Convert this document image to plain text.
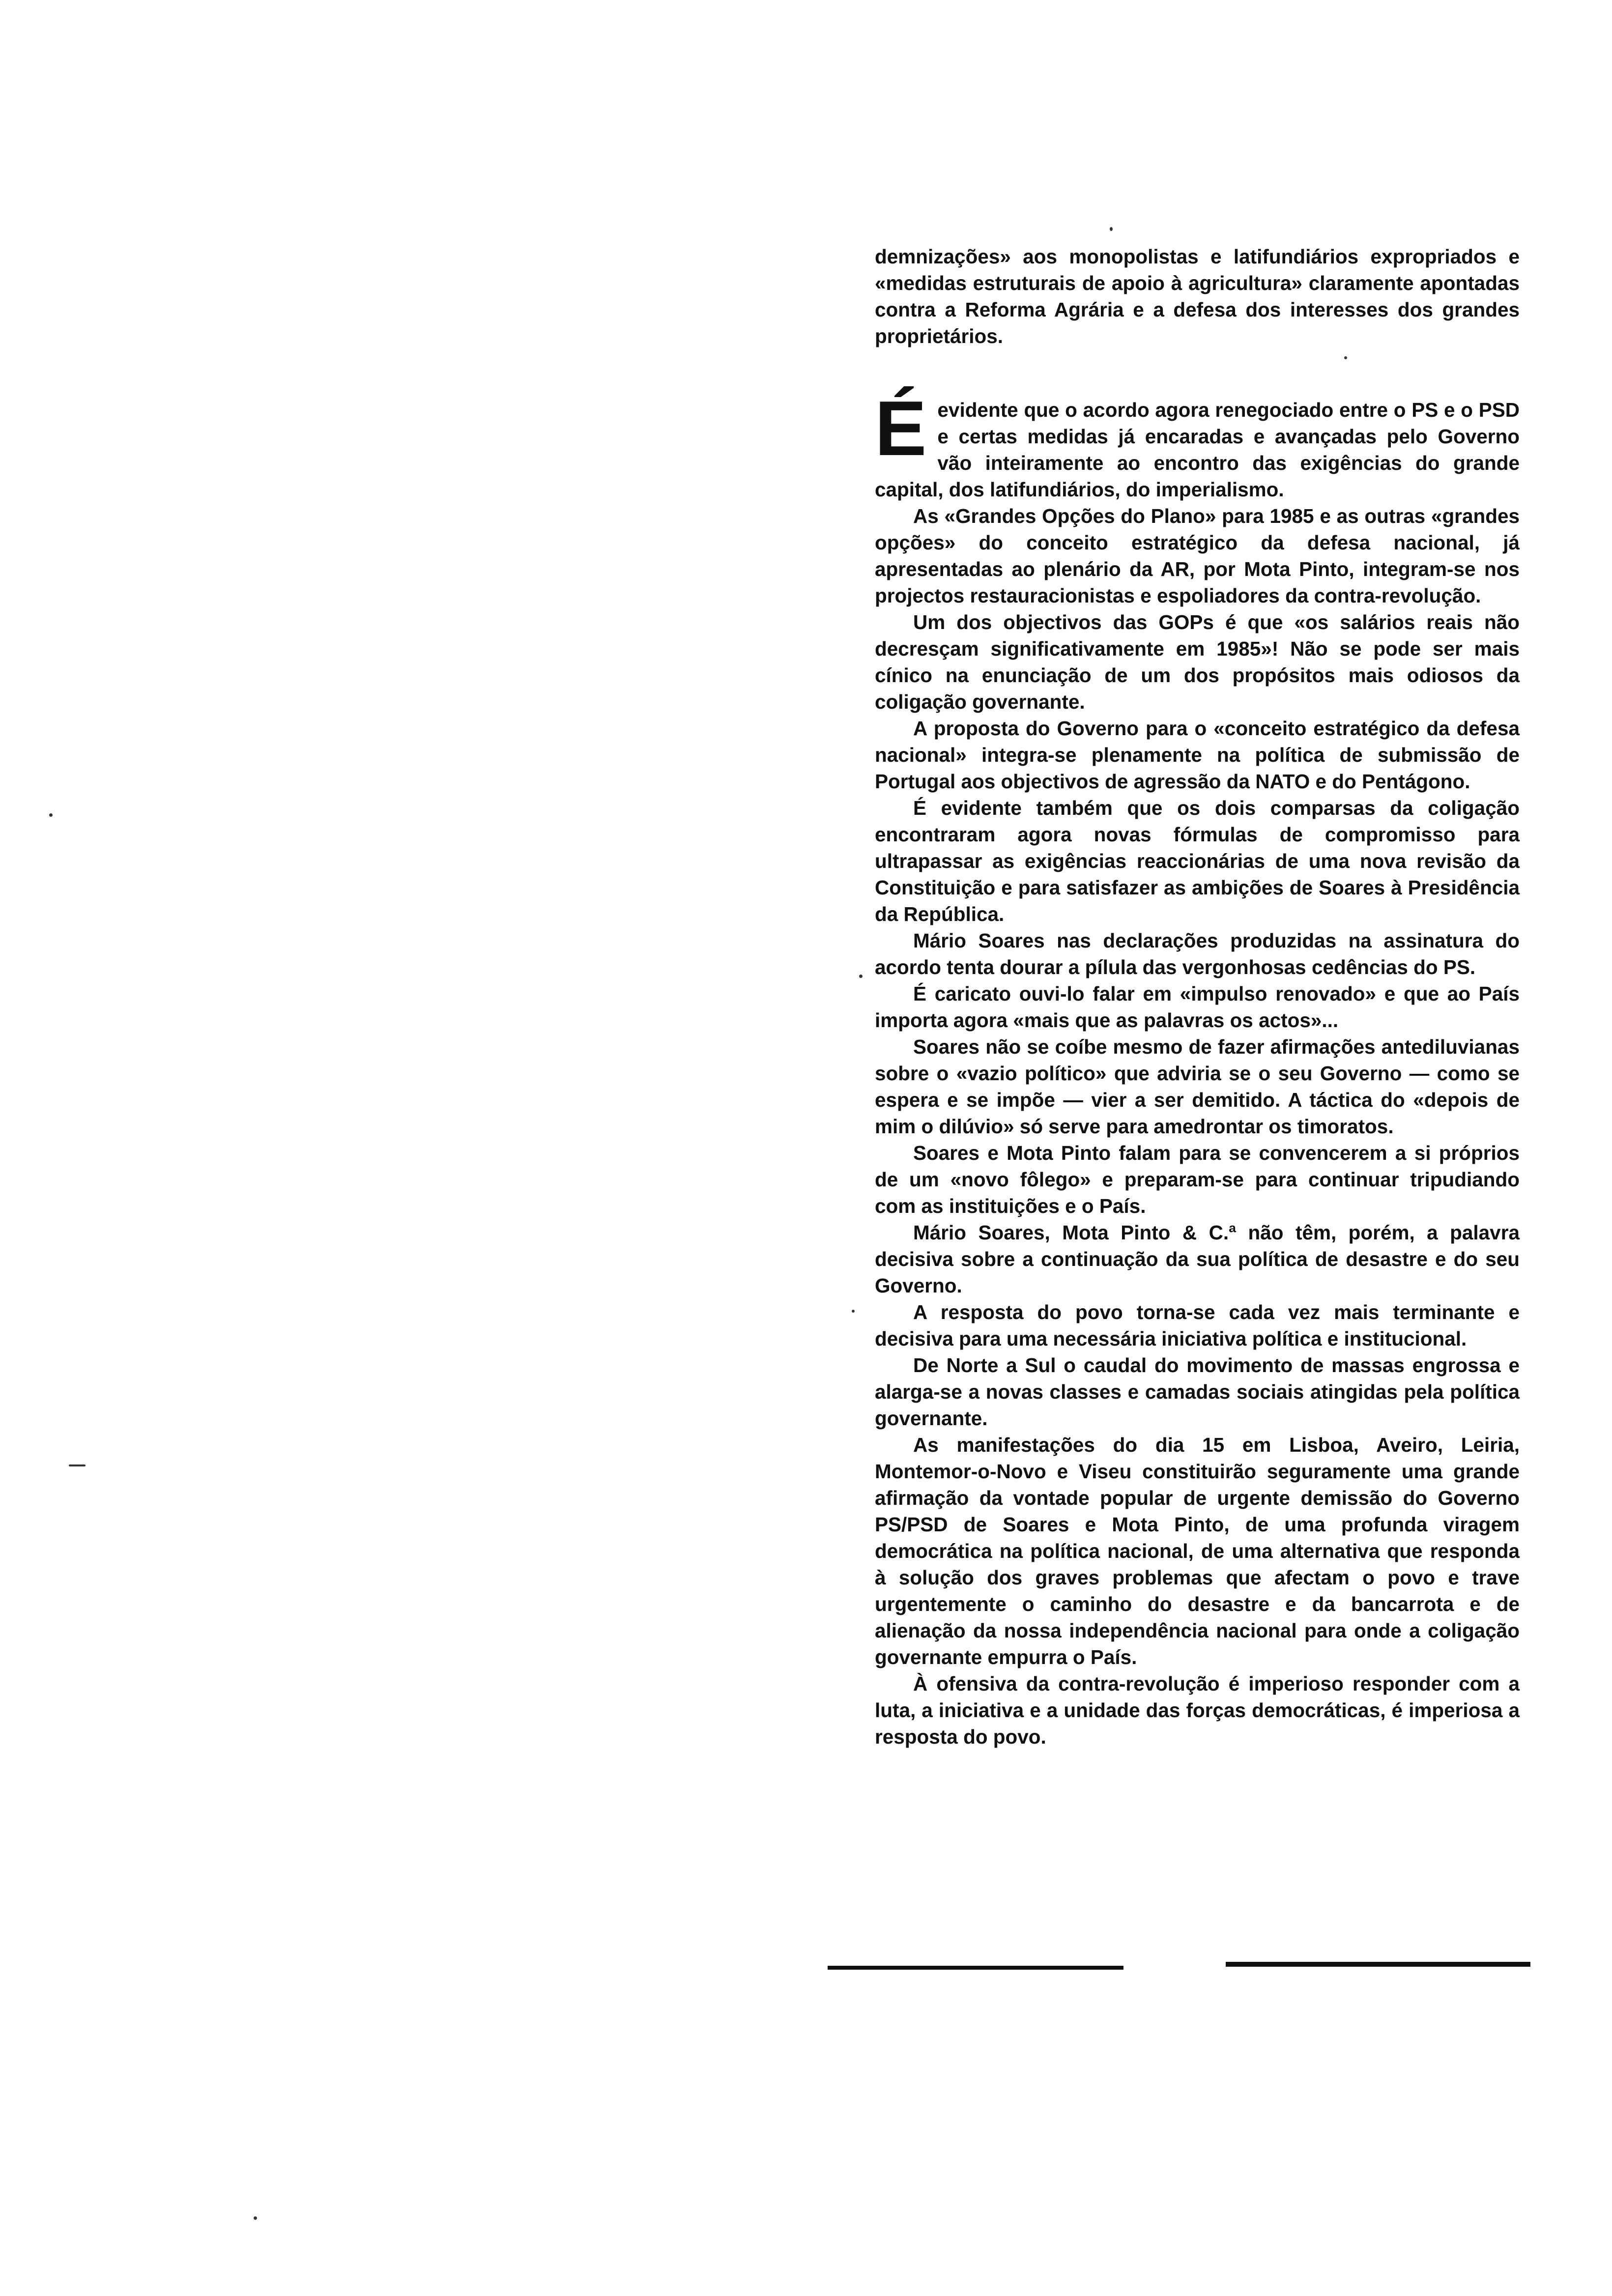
demnizações» aos monopolistas e latifundiários expropriados e «medidas estruturais de apoio à agricultura» claramente apontadas contra a Reforma Agrária e a defesa dos interesses dos grandes proprietários.

É evidente que o acordo agora renegociado entre o PS e o PSD e certas medidas já encaradas e avançadas pelo Governo vão inteiramente ao encontro das exigências do grande capital, dos latifundiários, do imperialismo.

As «Grandes Opções do Plano» para 1985 e as outras «grandes opções» do conceito estratégico da defesa nacional, já apresentadas ao plenário da AR, por Mota Pinto, integram-se nos projectos restauracionistas e espoliadores da contra-revolução.

Um dos objectivos das GOPs é que «os salários reais não decresçam significativamente em 1985»! Não se pode ser mais cínico na enunciação de um dos propósitos mais odiosos da coligação governante.

A proposta do Governo para o «conceito estratégico da defesa nacional» integra-se plenamente na política de submissão de Portugal aos objectivos de agressão da NATO e do Pentágono.

É evidente também que os dois comparsas da coligação encontraram agora novas fórmulas de compromisso para ultrapassar as exigências reaccionárias de uma nova revisão da Constituição e para satisfazer as ambições de Soares à Presidência da República.

Mário Soares nas declarações produzidas na assinatura do acordo tenta dourar a pílula das vergonhosas cedências do PS.

É caricato ouvi-lo falar em «impulso renovado» e que ao País importa agora «mais que as palavras os actos»...

Soares não se coíbe mesmo de fazer afirmações antediluvianas sobre o «vazio político» que adviria se o seu Governo — como se espera e se impõe — vier a ser demitido. A táctica do «depois de mim o dilúvio» só serve para amedrontar os timoratos.

Soares e Mota Pinto falam para se convencerem a si próprios de um «novo fôlego» e preparam-se para continuar tripudiando com as instituições e o País.

Mário Soares, Mota Pinto & C.ª não têm, porém, a palavra decisiva sobre a continuação da sua política de desastre e do seu Governo.

A resposta do povo torna-se cada vez mais terminante e decisiva para uma necessária iniciativa política e institucional.

De Norte a Sul o caudal do movimento de massas engrossa e alarga-se a novas classes e camadas sociais atingidas pela política governante.

As manifestações do dia 15 em Lisboa, Aveiro, Leiria, Montemor-o-Novo e Viseu constituirão seguramente uma grande afirmação da vontade popular de urgente demissão do Governo PS/PSD de Soares e Mota Pinto, de uma profunda viragem democrática na política nacional, de uma alternativa que responda à solução dos graves problemas que afectam o povo e trave urgentemente o caminho do desastre e da bancarrota e de alienação da nossa independência nacional para onde a coligação governante empurra o País.

À ofensiva da contra-revolução é imperioso responder com a luta, a iniciativa e a unidade das forças democráticas, é imperiosa a resposta do povo.
